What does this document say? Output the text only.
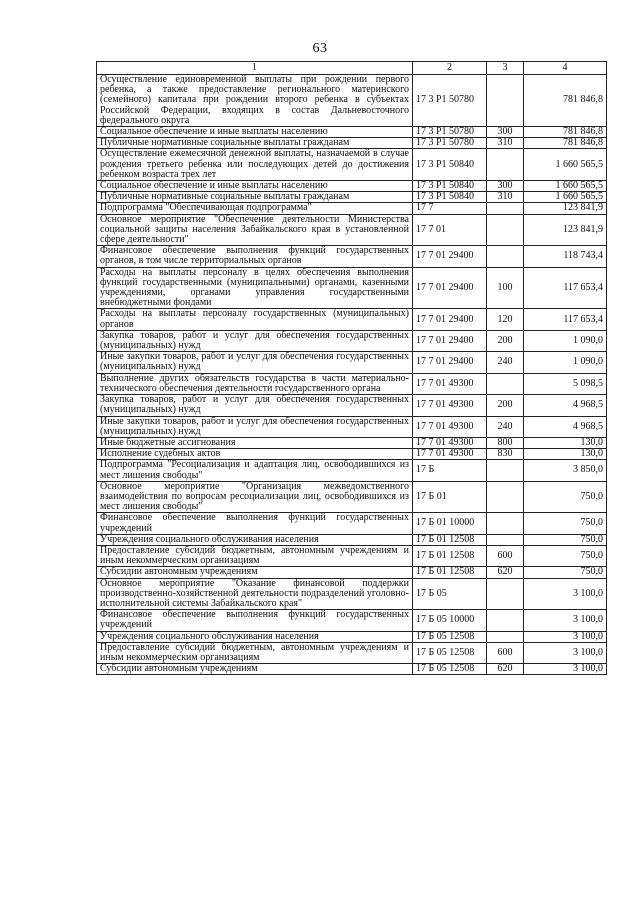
63
1	2	3	4
Осуществление единовременной выплаты при рождении первого ребенка, а также предоставление регионального материнского (семейного) капитала при рождении второго ребенка в субъектах Российской Федерации, входящих в состав Дальневосточного федерального округа	17 3 P1 50780		781 846,8
Социальное обеспечение и иные выплаты населению	17 3 P1 50780	300	781 846,8
Публичные нормативные социальные выплаты гражданам	17 3 P1 50780	310	781 846,8
Осуществление ежемесячной денежной выплаты, назначаемой в случае рождения третьего ребенка или последующих детей до достижения ребенком возраста трех лет	17 3 P1 50840		1 660 565,5
Социальное обеспечение и иные выплаты населению	17 3 P1 50840	300	1 660 565,5
Публичные нормативные социальные выплаты гражданам	17 3 P1 50840	310	1 660 565,5
Подпрограмма "Обеспечивающая подпрограмма"	17 7		123 841,9
Основное мероприятие "Обеспечение деятельности Министерства социальной защиты населения Забайкальского края в установленной сфере деятельности"	17 7 01		123 841,9
Финансовое обеспечение выполнения функций государственных органов, в том числе территориальных органов	17 7 01 29400		118 743,4
Расходы на выплаты персоналу в целях обеспечения выполнения функций государственными (муниципальными) органами, казенными учреждениями, органами управления государственными внебюджетными фондами	17 7 01 29400	100	117 653,4
Расходы на выплаты персоналу государственных (муниципальных) органов	17 7 01 29400	120	117 653,4
Закупка товаров, работ и услуг для обеспечения государственных (муниципальных) нужд	17 7 01 29400	200	1 090,0
Иные закупки товаров, работ и услуг для обеспечения государственных (муниципальных) нужд	17 7 01 29400	240	1 090,0
Выполнение других обязательств государства в части материально-технического обеспечения деятельности государственного органа	17 7 01 49300		5 098,5
Закупка товаров, работ и услуг для обеспечения государственных (муниципальных) нужд	17 7 01 49300	200	4 968,5
Иные закупки товаров, работ и услуг для обеспечения государственных (муниципальных) нужд	17 7 01 49300	240	4 968,5
Иные бюджетные ассигнования	17 7 01 49300	800	130,0
Исполнение судебных актов	17 7 01 49300	830	130,0
Подпрограмма "Ресоциализация и адаптация лиц, освободившихся из мест лишения свободы"	17 Б		3 850,0
Основное мероприятие "Организация межведомственного взаимодействия по вопросам ресоциализации лиц, освободившихся из мест лишения свободы"	17 Б 01		750,0
Финансовое обеспечение выполнения функций государственных учреждений	17 Б 01 10000		750,0
Учреждения социального обслуживания населения	17 Б 01 12508		750,0
Предоставление субсидий бюджетным, автономным учреждениям и иным некоммерческим организациям	17 Б 01 12508	600	750,0
Субсидии автономным учреждениям	17 Б 01 12508	620	750,0
Основное мероприятие "Оказание финансовой поддержки производственно-хозяйственной деятельности подразделений уголовно-исполнительной системы Забайкальского края"	17 Б 05		3 100,0
Финансовое обеспечение выполнения функций государственных учреждений	17 Б 05 10000		3 100,0
Учреждения социального обслуживания населения	17 Б 05 12508		3 100,0
Предоставление субсидий бюджетным, автономным учреждениям и иным некоммерческим организациям	17 Б 05 12508	600	3 100,0
Субсидии автономным учреждениям	17 Б 05 12508	620	3 100,0
